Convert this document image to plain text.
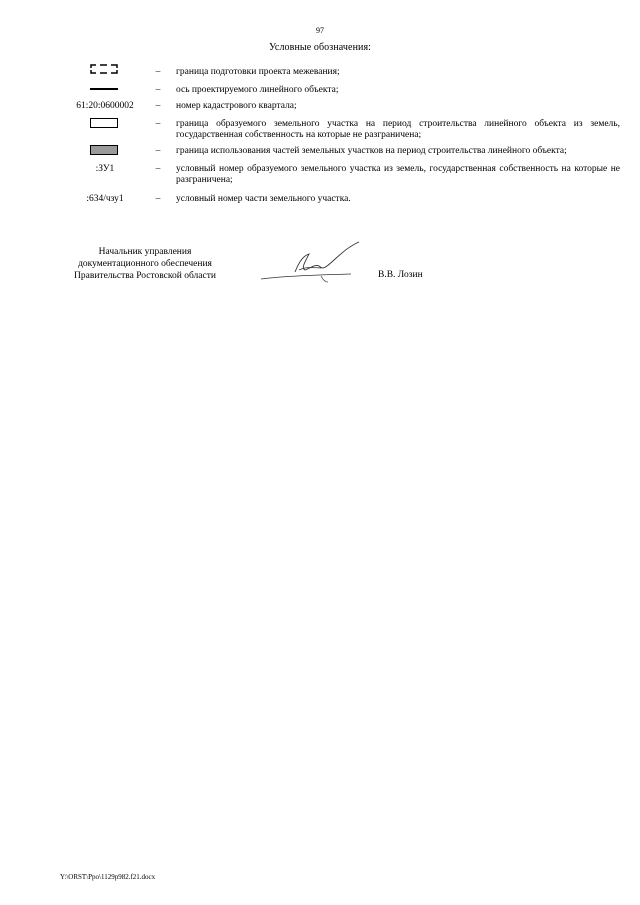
97
Условные обозначения:
–	граница подготовки проекта межевания;
–	ось проектируемого линейного объекта;
61:20:0600002	–	номер кадастрового квартала;
–	граница образуемого земельного участка на период строительства линейного объекта из земель, государственная собственность на которые не разграничена;
–	граница использования частей земельных участков на период строительства линейного объекта;
:ЗУ1	–	условный номер образуемого земельного участка из земель, государственная собственность на которые не разграничена;
:634/чзу1	–	условный номер части земельного участка.
Начальник управления
документационного обеспечения
Правительства Ростовской области	В.В. Лозин
Y:\ORST\Ppo\1129p982.f21.docx
